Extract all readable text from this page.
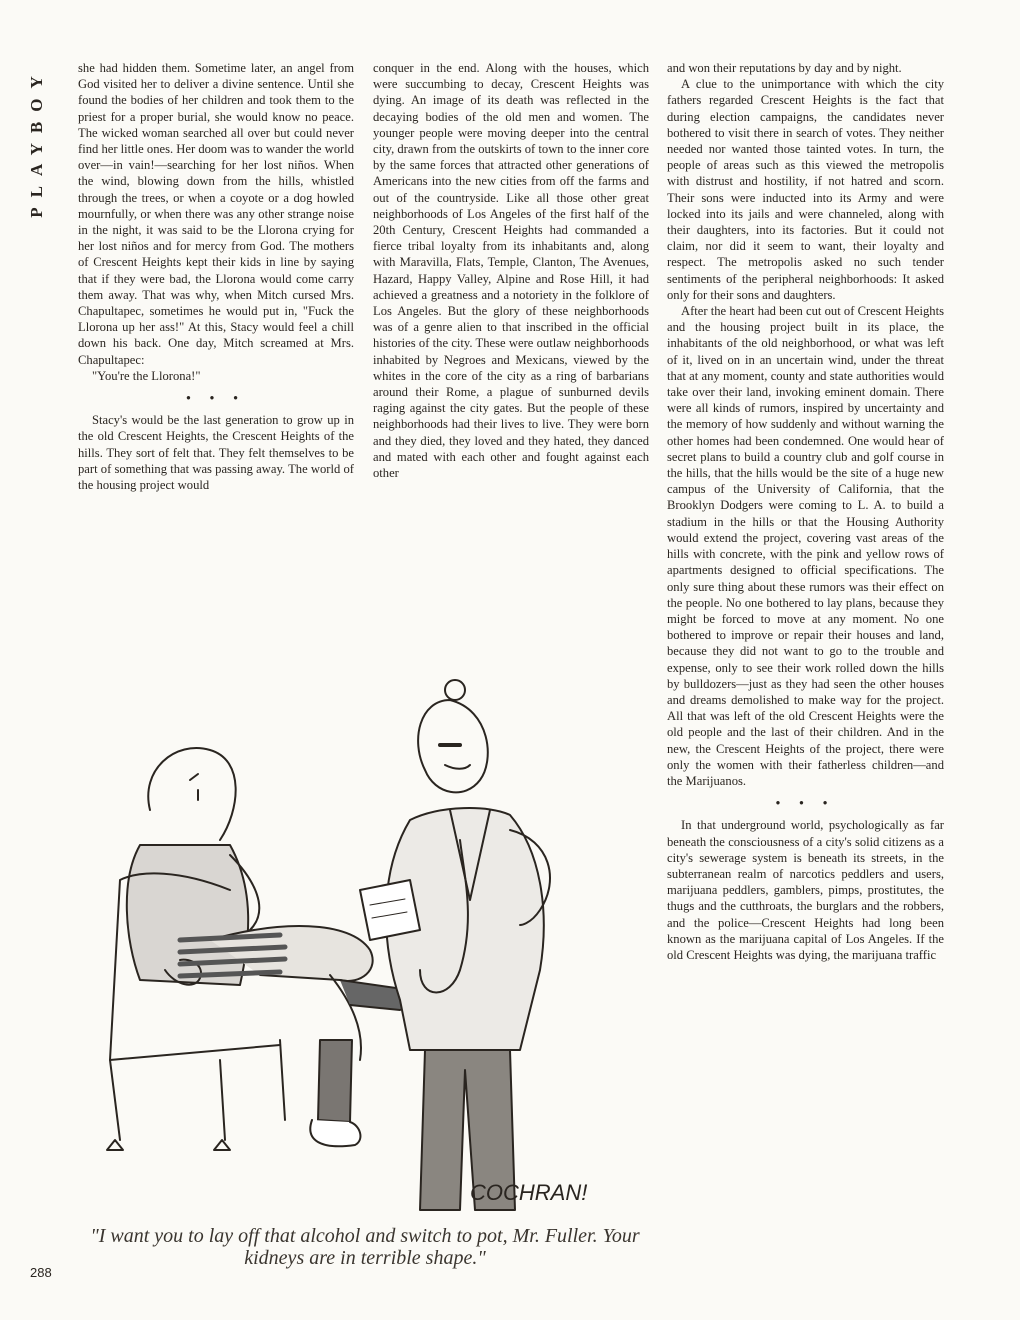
PLAYBOY	she had hidden them. Sometime later, an angel from God visited her to deliver a divine sentence. Until she found the bodies of her children and took them to the priest for a proper burial, she would know no peace. The wicked woman searched all over but could never find her little ones. Her doom was to wander the world over—in vain!—searching for her lost niños. When the wind, blowing down from the hills, whistled through the trees, or when a coyote or a dog howled mournfully, or when there was any other strange noise in the night, it was said to be the Llorona crying for her lost niños and for mercy from God. The mothers of Crescent Heights kept their kids in line by saying that if they were bad, the Llorona would come carry them away. That was why, when Mitch cursed Mrs. Chapultapec, sometimes he would put in, "Fuck the Llorona up her ass!" At this, Stacy would feel a chill down his back. One day, Mitch screamed at Mrs. Chapultapec:

"You're the Llorona!"

• • •

Stacy's would be the last generation to grow up in the old Crescent Heights, the Crescent Heights of the hills. They sort of felt that. They felt themselves to be part of something that was passing away. The world of the housing project would

conquer in the end. Along with the houses, which were succumbing to decay, Crescent Heights was dying. An image of its death was reflected in the decaying bodies of the old men and women. The younger people were moving deeper into the central city, drawn from the outskirts of town to the inner core by the same forces that attracted other generations of Americans into the new cities from off the farms and out of the countryside. Like all those other great neighborhoods of Los Angeles of the first half of the 20th Century, Crescent Heights had commanded a fierce tribal loyalty from its inhabitants and, along with Maravilla, Flats, Temple, Clanton, The Avenues, Hazard, Happy Valley, Alpine and Rose Hill, it had achieved a greatness and a notoriety in the folklore of Los Angeles. But the glory of these neighborhoods was of a genre alien to that inscribed in the official histories of the city. These were outlaw neighborhoods inhabited by Negroes and Mexicans, viewed by the whites in the core of the city as a ring of barbarians around their Rome, a plague of sunburned devils raging against the city gates. But the people of these neighborhoods had their lives to live. They were born and they died, they loved and they hated, they danced and mated with each other and fought against each other

and won their reputations by day and by night.

A clue to the unimportance with which the city fathers regarded Crescent Heights is the fact that during election campaigns, the candidates never bothered to visit there in search of votes. They neither needed nor wanted those tainted votes. In turn, the people of areas such as this viewed the metropolis with distrust and hostility, if not hatred and scorn. Their sons were inducted into its Army and were locked into its jails and were channeled, along with their daughters, into its factories. But it could not claim, nor did it seem to want, their loyalty and respect. The metropolis asked no such tender sentiments of the peripheral neighborhoods: It asked only for their sons and daughters.

After the heart had been cut out of Crescent Heights and the housing project built in its place, the inhabitants of the old neighborhood, or what was left of it, lived on in an uncertain wind, under the threat that at any moment, county and state authorities would take over their land, invoking eminent domain. There were all kinds of rumors, inspired by uncertainty and the memory of how suddenly and without warning the other homes had been condemned. One would hear of secret plans to build a country club and golf course in the hills, that the hills would be the site of a huge new campus of the University of California, that the Brooklyn Dodgers were coming to L. A. to build a stadium in the hills or that the Housing Authority would extend the project, covering vast areas of the hills with concrete, with the pink and yellow rows of apartments designed to official specifications. The only sure thing about these rumors was their effect on the people. No one bothered to lay plans, because they might be forced to move at any moment. No one bothered to improve or repair their houses and land, because they did not want to go to the trouble and expense, only to see their work rolled down the hills by bulldozers—just as they had seen the other houses and dreams demolished to make way for the project. All that was left of the old Crescent Heights were the old people and the last of their children. And in the new, the Crescent Heights of the project, there were only the women with their fatherless children—and the Marijuanos.

• • •

In that underground world, psychologically as far beneath the consciousness of a city's solid citizens as a city's sewerage system is beneath its streets, in the subterranean realm of narcotics peddlers and users, marijuana peddlers, gamblers, pimps, prostitutes, the thugs and the cutthroats, the burglars and the robbers, and the police—Crescent Heights had long been known as the marijuana capital of Los Angeles. If the old Crescent Heights was dying, the marijuana traffic

COCHRAN!
"I want you to lay off that alcohol and switch to pot, Mr. Fuller. Your kidneys are in terrible shape."
288
